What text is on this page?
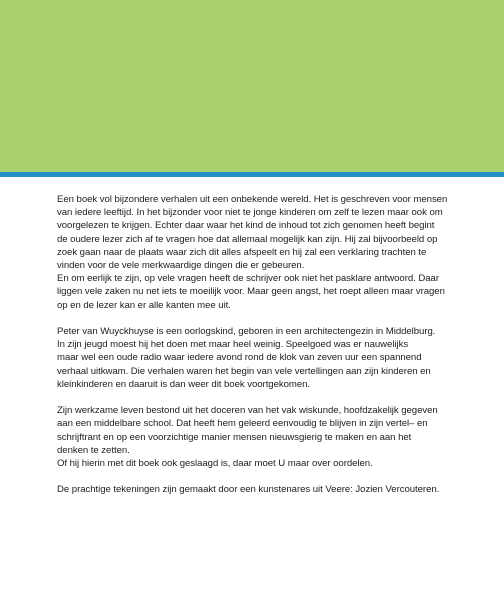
Een boek vol bijzondere verhalen uit een onbekende wereld. Het is geschreven voor mensen
van iedere leeftijd. In het bijzonder voor niet te jonge kinderen om zelf te lezen maar ook om
voorgelezen te krijgen. Echter daar waar het kind de inhoud tot zich genomen heeft begint
de oudere lezer zich af te vragen hoe dat allemaal mogelijk kan zijn. Hij zal bijvoorbeeld op
zoek gaan naar de plaats waar zich dit alles afspeelt en hij zal een verklaring trachten te
vinden voor de vele merkwaardige dingen die er gebeuren.
En om eerlijk te zijn, op vele vragen heeft de schrijver ook niet het pasklare antwoord. Daar
liggen vele zaken nu net iets te moeilijk voor. Maar geen angst, het roept alleen maar vragen
op en de lezer kan er alle kanten mee uit.

Peter van Wuyckhuyse is een oorlogskind, geboren in een architectengezin in Middelburg.
In zijn jeugd moest hij het doen met maar heel weinig. Speelgoed was er nauwelijks
maar wel een oude radio waar iedere avond rond de klok van zeven uur een spannend
verhaal uitkwam. Die verhalen waren het begin van vele vertellingen aan zijn kinderen en
kleinkinderen en daaruit is dan weer dit boek voortgekomen.

Zijn werkzame leven bestond uit het doceren van het vak wiskunde, hoofdzakelijk gegeven
aan een middelbare school. Dat heeft hem geleerd eenvoudig te blijven in zijn vertel– en
schrijftrant en op een voorzichtige manier mensen nieuwsgierig te maken en aan het
denken te zetten.
Of hij hierin met dit boek ook geslaagd is, daar moet U maar over oordelen.

De prachtige tekeningen zijn gemaakt door een kunstenares uit Veere: Jozien Vercouteren.
